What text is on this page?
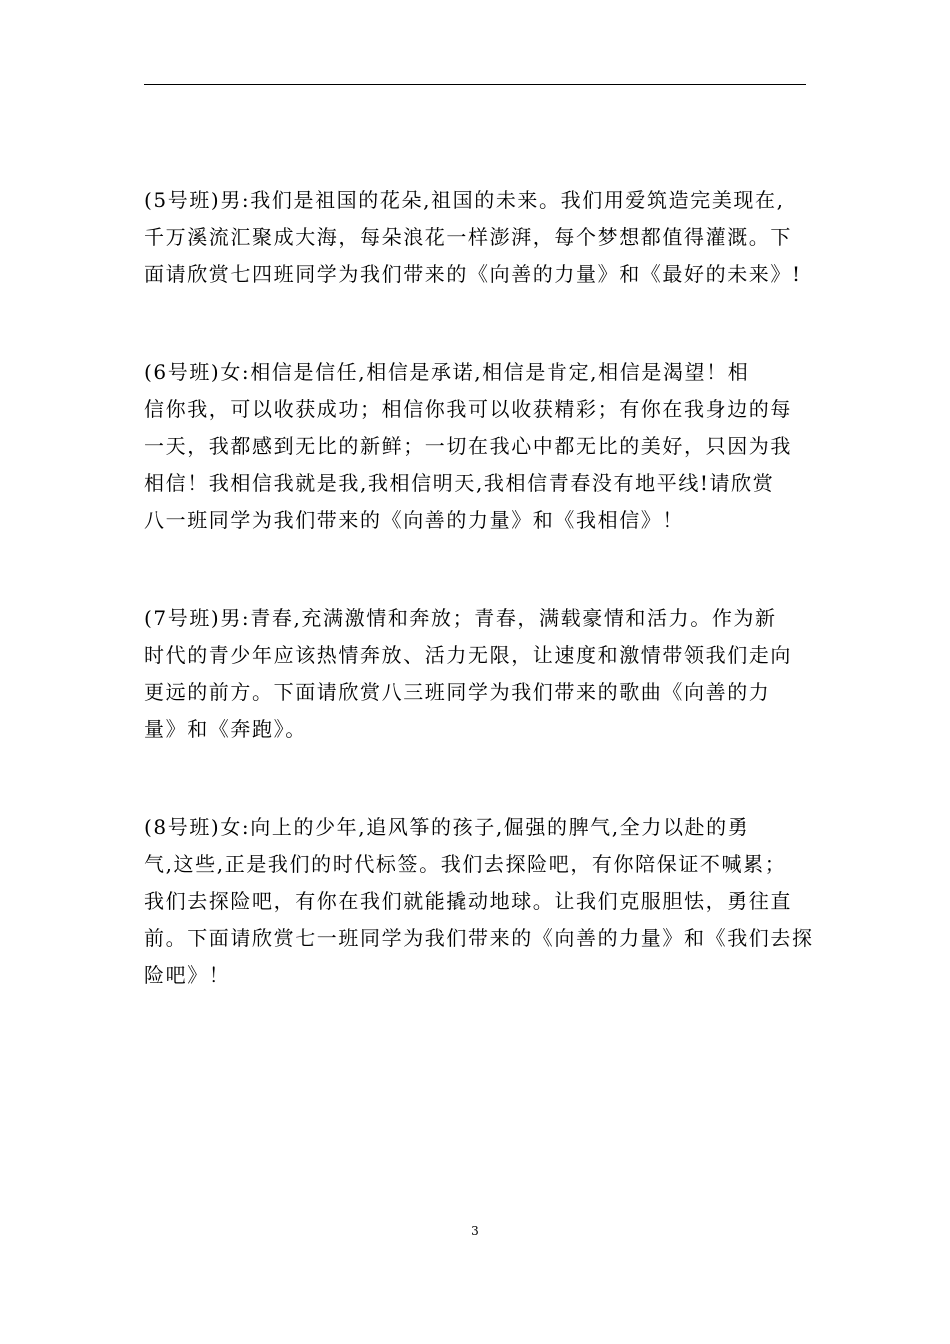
(5号班)男:我们是祖国的花朵,祖国的未来。我们用爱筑造完美现在,
千万溪流汇聚成大海，每朵浪花一样澎湃，每个梦想都值得灌溉。下
面请欣赏七四班同学为我们带来的《向善的力量》和《最好的未来》!
(6号班)女:相信是信任,相信是承诺,相信是肯定,相信是渴望！相
信你我，可以收获成功；相信你我可以收获精彩；有你在我身边的每
一天，我都感到无比的新鲜；一切在我心中都无比的美好，只因为我
相信！我相信我就是我,我相信明天,我相信青春没有地平线!请欣赏
八一班同学为我们带来的《向善的力量》和《我相信》！
(7号班)男:青春,充满激情和奔放；青春，满载豪情和活力。作为新
时代的青少年应该热情奔放、活力无限，让速度和激情带领我们走向
更远的前方。下面请欣赏八三班同学为我们带来的歌曲《向善的力
量》和《奔跑》。
(8号班)女:向上的少年,追风筝的孩子,倔强的脾气,全力以赴的勇
气,这些,正是我们的时代标签。我们去探险吧，有你陪保证不喊累；
我们去探险吧，有你在我们就能撬动地球。让我们克服胆怯，勇往直
前。下面请欣赏七一班同学为我们带来的《向善的力量》和《我们去探
险吧》！
3
